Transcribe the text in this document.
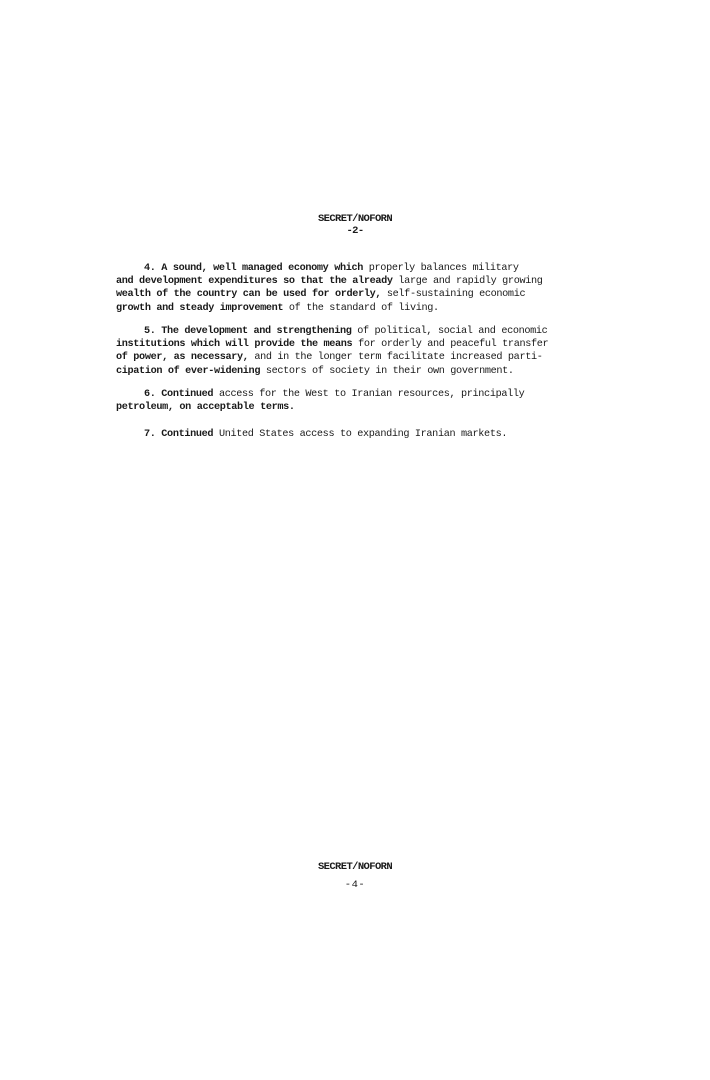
SECRET/NOFORN
-2-

4. A sound, well managed economy which properly balances military
and development expenditures so that the already large and rapidly growing
wealth of the country can be used for orderly, self-sustaining economic
growth and steady improvement of the standard of living.

5. The development and strengthening of political, social and economic
institutions which will provide the means for orderly and peaceful transfer
of power, as necessary, and in the longer term facilitate increased parti-
cipation of ever-widening sectors of society in their own government.

6. Continued access for the West to Iranian resources, principally
petroleum, on acceptable terms.

7. Continued United States access to expanding Iranian markets.

SECRET/NOFORN
-4-
